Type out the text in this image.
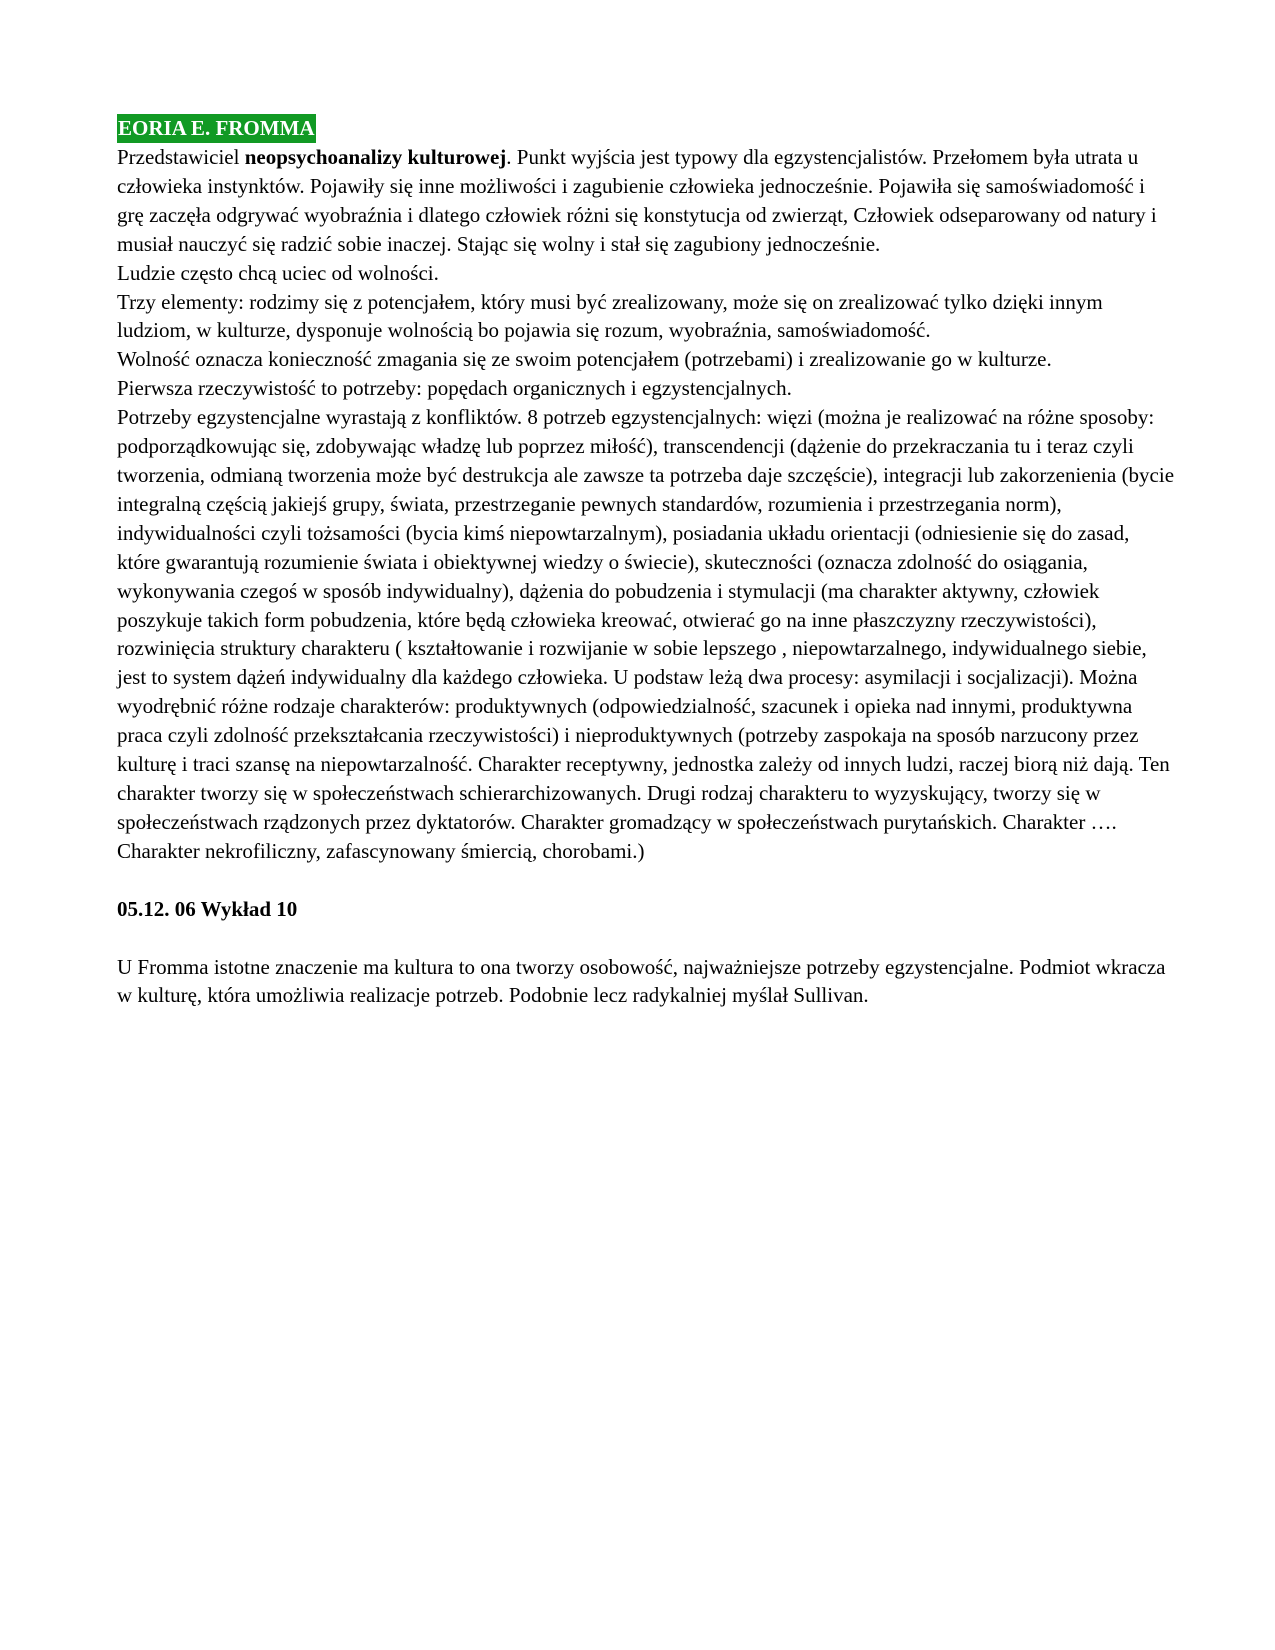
EORIA E. FROMMA

Przedstawiciel neopsychoanalizy kulturowej. Punkt wyjścia jest typowy dla egzystencjalistów. Przełomem była utrata u człowieka instynktów. Pojawiły się inne możliwości i zagubienie człowieka jednocześnie. Pojawiła się samoświadomość i grę zaczęła odgrywać wyobraźnia i dlatego człowiek różni się konstytucja od zwierząt, Człowiek odseparowany od natury i musiał nauczyć się radzić sobie inaczej. Stając się wolny i stał się zagubiony jednocześnie.

Ludzie często chcą uciec od wolności.

Trzy elementy: rodzimy się z potencjałem, który musi być zrealizowany, może się on zrealizować tylko dzięki innym ludziom, w kulturze, dysponuje wolnością bo pojawia się rozum, wyobraźnia, samoświadomość.

Wolność oznacza konieczność zmagania się ze swoim potencjałem (potrzebami) i zrealizowanie go w kulturze.

Pierwsza rzeczywistość to potrzeby: popędach organicznych i egzystencjalnych.

Potrzeby egzystencjalne wyrastają z konfliktów. 8 potrzeb egzystencjalnych: więzi (można je realizować na różne sposoby: podporządkowując się, zdobywając władzę lub poprzez miłość), transcendencji (dążenie do przekraczania tu i teraz czyli tworzenia, odmianą tworzenia może być destrukcja ale zawsze ta potrzeba daje szczęście), integracji lub zakorzenienia (bycie integralną częścią jakiejś grupy, świata, przestrzeganie pewnych standardów, rozumienia i przestrzegania norm), indywidualności czyli tożsamości (bycia kimś niepowtarzalnym), posiadania układu orientacji (odniesienie się do zasad, które gwarantują rozumienie świata i obiektywnej wiedzy o świecie), skuteczności (oznacza zdolność do osiągania, wykonywania czegoś w sposób indywidualny), dążenia do pobudzenia i stymulacji (ma charakter aktywny, człowiek poszykuje takich form pobudzenia, które będą człowieka kreować, otwierać go na inne płaszczyzny rzeczywistości), rozwinięcia struktury charakteru ( kształtowanie i rozwijanie w sobie lepszego , niepowtarzalnego, indywidualnego siebie, jest to system dążeń indywidualny dla każdego człowieka. U podstaw leżą dwa procesy: asymilacji i socjalizacji). Można wyodrębnić różne rodzaje charakterów: produktywnych (odpowiedzialność, szacunek i opieka nad innymi, produktywna praca czyli zdolność przekształcania rzeczywistości) i nieproduktywnych (potrzeby zaspokaja na sposób narzucony przez kulturę i traci szansę na niepowtarzalność. Charakter receptywny, jednostka zależy od innych ludzi, raczej biorą niż dają. Ten charakter tworzy się w społeczeństwach schierarchizowanych. Drugi rodzaj charakteru to wyzyskujący, tworzy się w społeczeństwach rządzonych przez dyktatorów. Charakter gromadzący w społeczeństwach purytańskich. Charakter …. Charakter nekrofiliczny, zafascynowany śmiercią, chorobami.)

05.12. 06 Wykład 10

U Fromma istotne znaczenie ma kultura to ona tworzy osobowość, najważniejsze potrzeby egzystencjalne. Podmiot wkracza w kulturę, która umożliwia realizacje potrzeb. Podobnie lecz radykalniej myślał Sullivan.
